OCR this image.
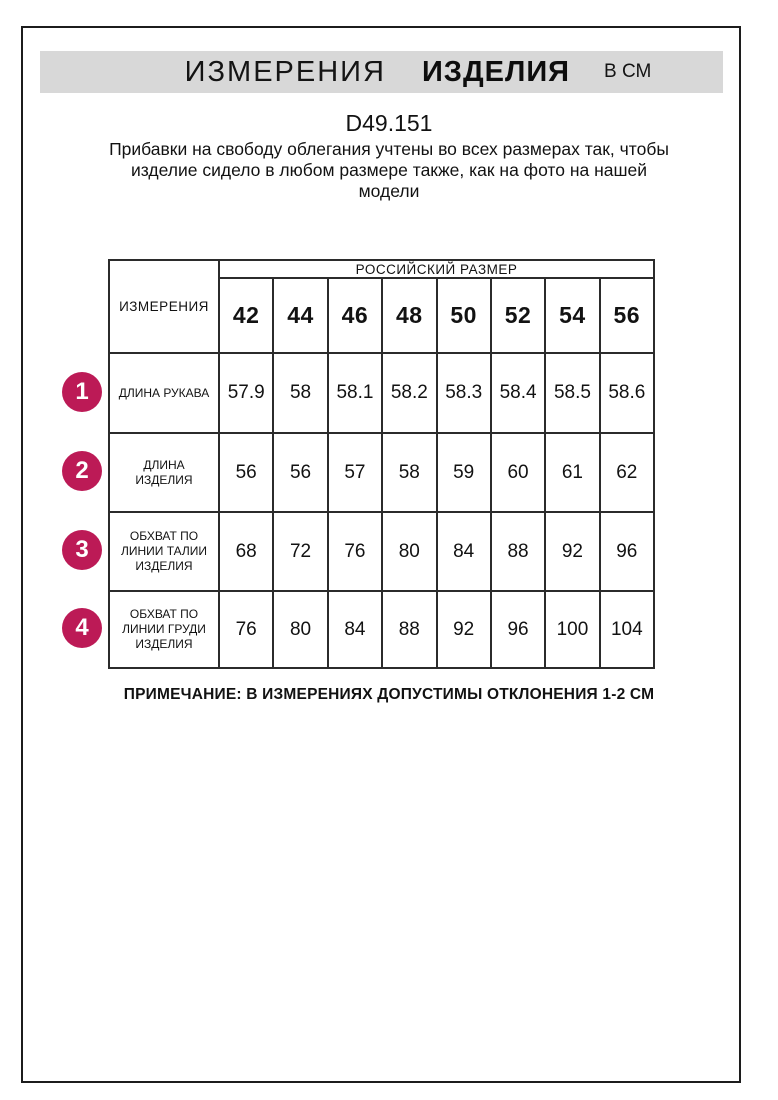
ИЗМЕРЕНИЯ ИЗДЕЛИЯ В СМ
D49.151
Прибавки на свободу облегания учтены во всех размерах так, чтобы
изделие сидело в любом размере также, как на фото на нашей
модели
ИЗМЕРЕНИЯ	РОССИЙСКИЙ РАЗМЕР							
	42	44	46	48	50	52	54	56
ДЛИНА РУКАВА	57.9	58	58.1	58.2	58.3	58.4	58.5	58.6
ДЛИНА ИЗДЕЛИЯ	56	56	57	58	59	60	61	62
ОБХВАТ ПО ЛИНИИ ТАЛИИ ИЗДЕЛИЯ	68	72	76	80	84	88	92	96
ОБХВАТ ПО ЛИНИИ ГРУДИ ИЗДЕЛИЯ	76	80	84	88	92	96	100	104
1
2
3
4
ПРИМЕЧАНИЕ: В ИЗМЕРЕНИЯХ ДОПУСТИМЫ ОТКЛОНЕНИЯ 1-2 СМ
